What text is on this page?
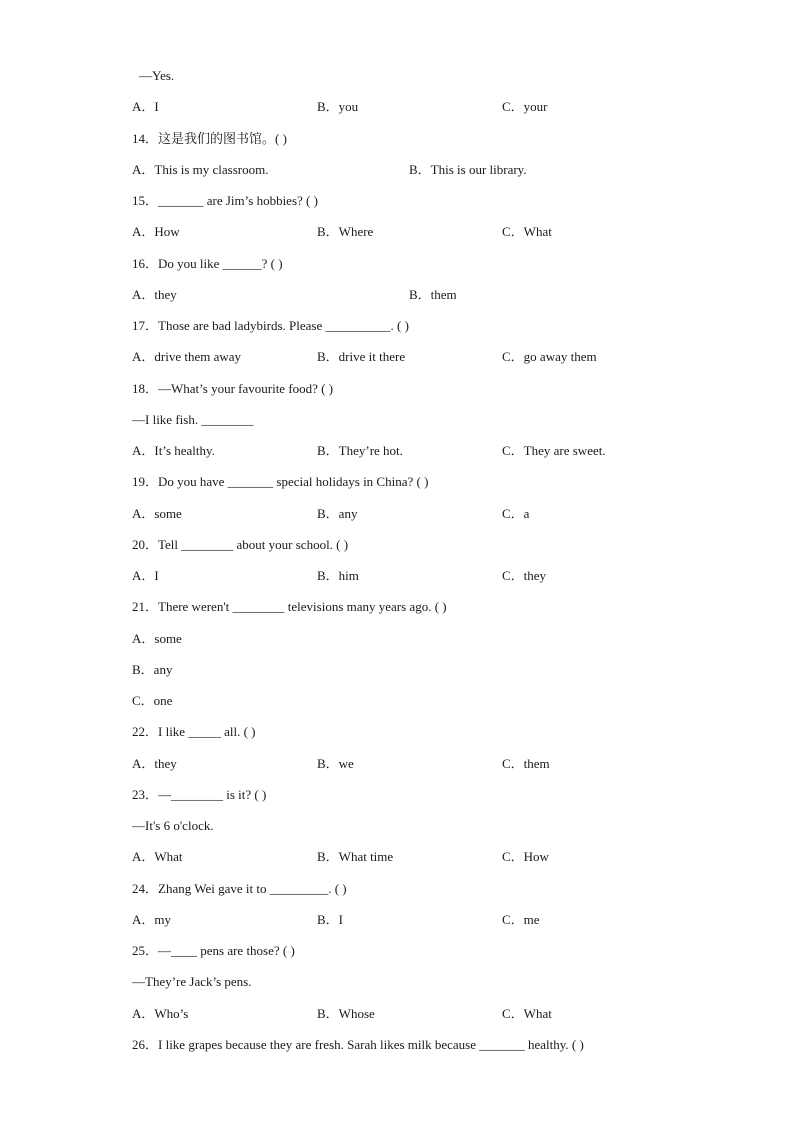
—Yes.
A．I	B．you	C．your
14．这是我们的图书馆。( )
A．This is my classroom.	B．This is our library.
15．_______ are Jim’s hobbies? ( )
A．How	B．Where	C．What
16．Do you like ______? ( )
A．they	B．them
17．Those are bad ladybirds. Please __________. ( )
A．drive them away	B．drive it there	C．go away them
18．—What’s your favourite food? ( )
—I like fish. ________
A．It’s healthy.	B．They’re hot.	C．They are sweet.
19．Do you have _______ special holidays in China? ( )
A．some	B．any	C．a
20．Tell ________ about your school. ( )
A．I	B．him	C．they
21．There weren't ________ televisions many years ago. ( )
A．some
B．any
C．one
22．I like _____ all. ( )
A．they	B．we	C．them
23．—________ is it? ( )
—It's 6 o'clock.
A．What	B．What time	C．How
24．Zhang Wei gave it to _________. ( )
A．my	B．I	C．me
25．—____ pens are those? ( )
—They’re Jack’s pens.
A．Who’s	B．Whose	C．What
26．I like grapes because they are fresh. Sarah likes milk because _______ healthy. ( )
